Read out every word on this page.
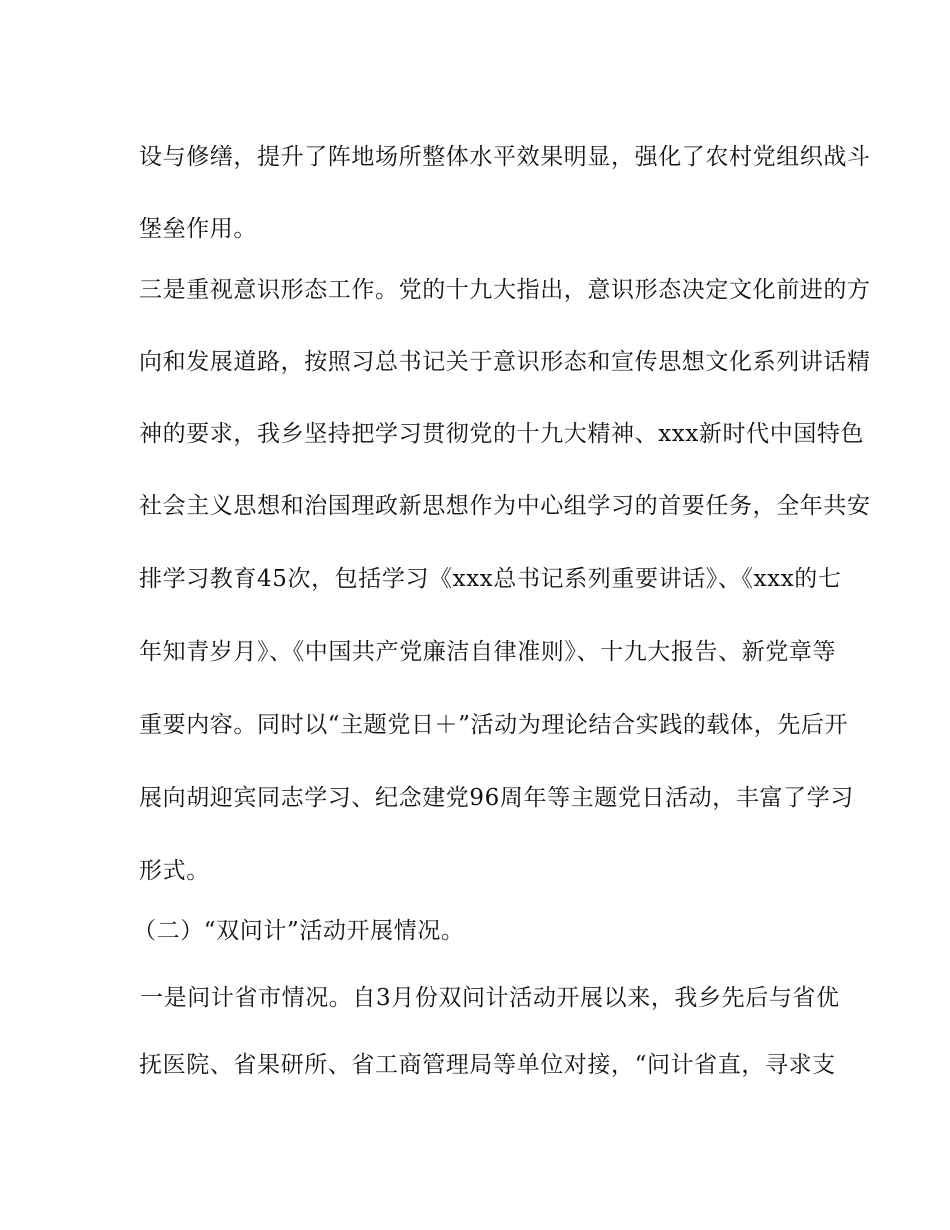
设与修缮，提升了阵地场所整体水平效果明显，强化了农村党组织战斗
堡垒作用。
三是重视意识形态工作。党的十九大指出，意识形态决定文化前进的方
向和发展道路，按照习总书记关于意识形态和宣传思想文化系列讲话精
神的要求，我乡坚持把学习贯彻党的十九大精神、xxx新时代中国特色
社会主义思想和治国理政新思想作为中心组学习的首要任务，全年共安
排学习教育45次，包括学习《xxx总书记系列重要讲话》、《xxx的七
年知青岁月》、《中国共产党廉洁自律准则》、十九大报告、新党章等
重要内容。同时以“主题党日＋”活动为理论结合实践的载体，先后开
展向胡迎宾同志学习、纪念建党96周年等主题党日活动，丰富了学习
形式。
（二）“双问计”活动开展情况。
一是问计省市情况。自3月份双问计活动开展以来，我乡先后与省优
抚医院、省果研所、省工商管理局等单位对接，“问计省直，寻求支
